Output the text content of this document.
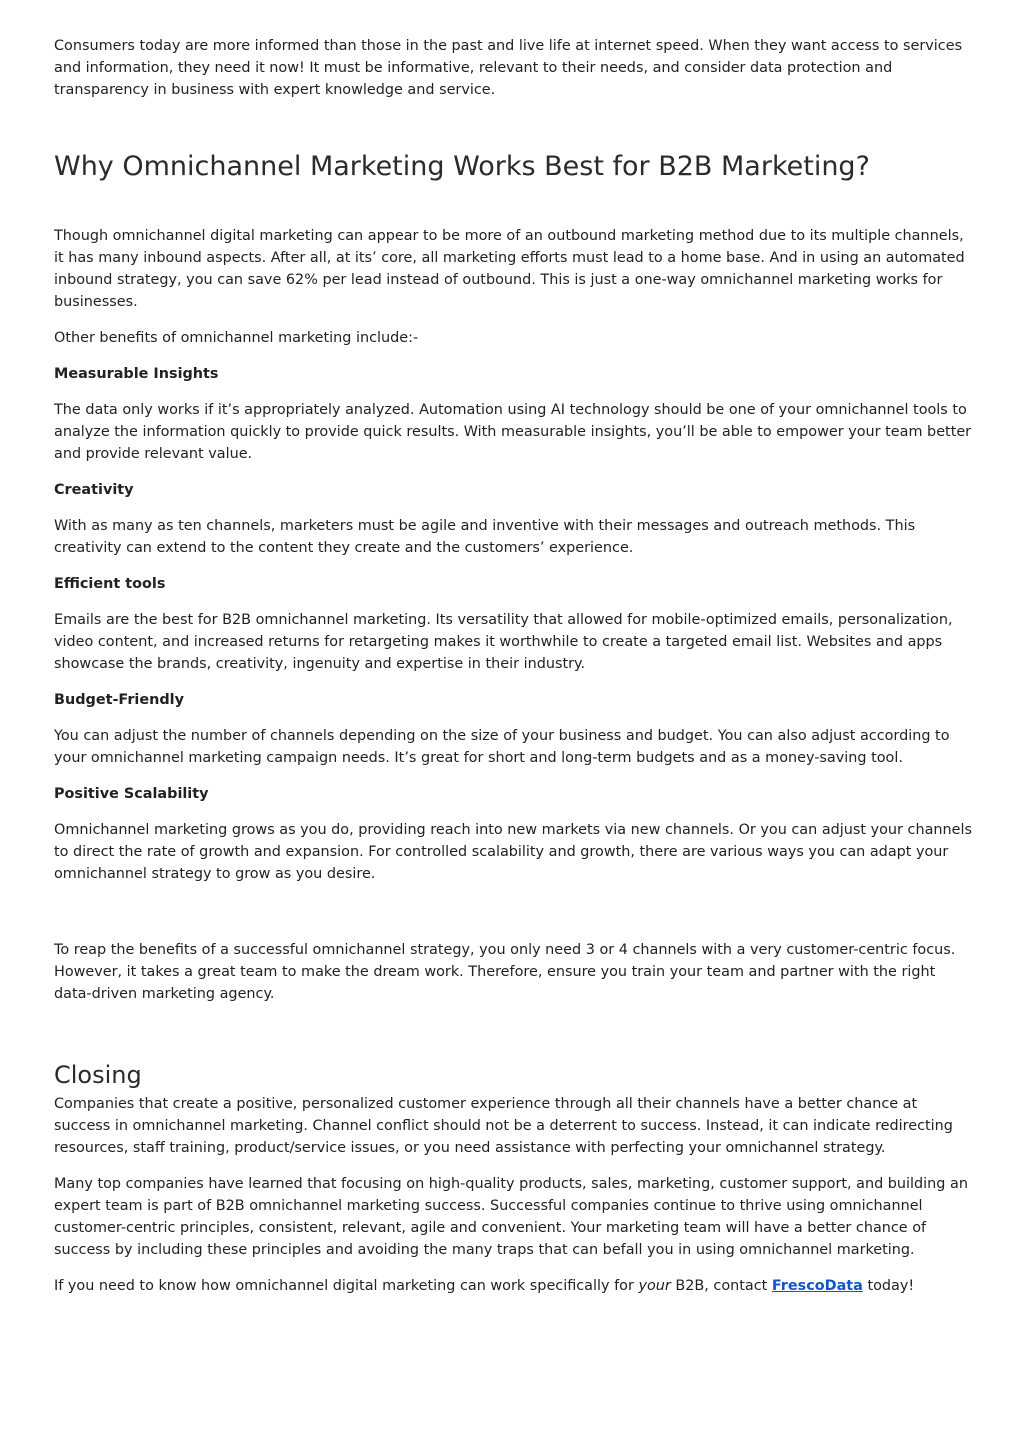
Consumers today are more informed than those in the past and live life at internet speed. When they want access to services and information, they need it now! It must be informative, relevant to their needs, and consider data protection and transparency in business with expert knowledge and service.

Why Omnichannel Marketing Works Best for B2B Marketing?

Though omnichannel digital marketing can appear to be more of an outbound marketing method due to its multiple channels, it has many inbound aspects. After all, at its’ core, all marketing efforts must lead to a home base. And in using an automated inbound strategy, you can save 62% per lead instead of outbound. This is just a one-way omnichannel marketing works for businesses.

Other benefits of omnichannel marketing include:-

Measurable Insights

The data only works if it’s appropriately analyzed. Automation using AI technology should be one of your omnichannel tools to analyze the information quickly to provide quick results. With measurable insights, you’ll be able to empower your team better and provide relevant value.

Creativity

With as many as ten channels, marketers must be agile and inventive with their messages and outreach methods. This creativity can extend to the content they create and the customers’ experience.

Efficient tools

Emails are the best for B2B omnichannel marketing. Its versatility that allowed for mobile-optimized emails, personalization, video content, and increased returns for retargeting makes it worthwhile to create a targeted email list. Websites and apps showcase the brands, creativity, ingenuity and expertise in their industry.

Budget-Friendly

You can adjust the number of channels depending on the size of your business and budget. You can also adjust according to your omnichannel marketing campaign needs. It’s great for short and long-term budgets and as a money-saving tool.

Positive Scalability

Omnichannel marketing grows as you do, providing reach into new markets via new channels. Or you can adjust your channels to direct the rate of growth and expansion. For controlled scalability and growth, there are various ways you can adapt your omnichannel strategy to grow as you desire.

To reap the benefits of a successful omnichannel strategy, you only need 3 or 4 channels with a very customer-centric focus. However, it takes a great team to make the dream work. Therefore, ensure you train your team and partner with the right data-driven marketing agency.

Closing

Companies that create a positive, personalized customer experience through all their channels have a better chance at success in omnichannel marketing. Channel conflict should not be a deterrent to success. Instead, it can indicate redirecting resources, staff training, product/service issues, or you need assistance with perfecting your omnichannel strategy.

Many top companies have learned that focusing on high-quality products, sales, marketing, customer support, and building an expert team is part of B2B omnichannel marketing success. Successful companies continue to thrive using omnichannel customer-centric principles, consistent, relevant, agile and convenient. Your marketing team will have a better chance of success by including these principles and avoiding the many traps that can befall you in using omnichannel marketing.

If you need to know how omnichannel digital marketing can work specifically for your B2B, contact FrescoData today!
